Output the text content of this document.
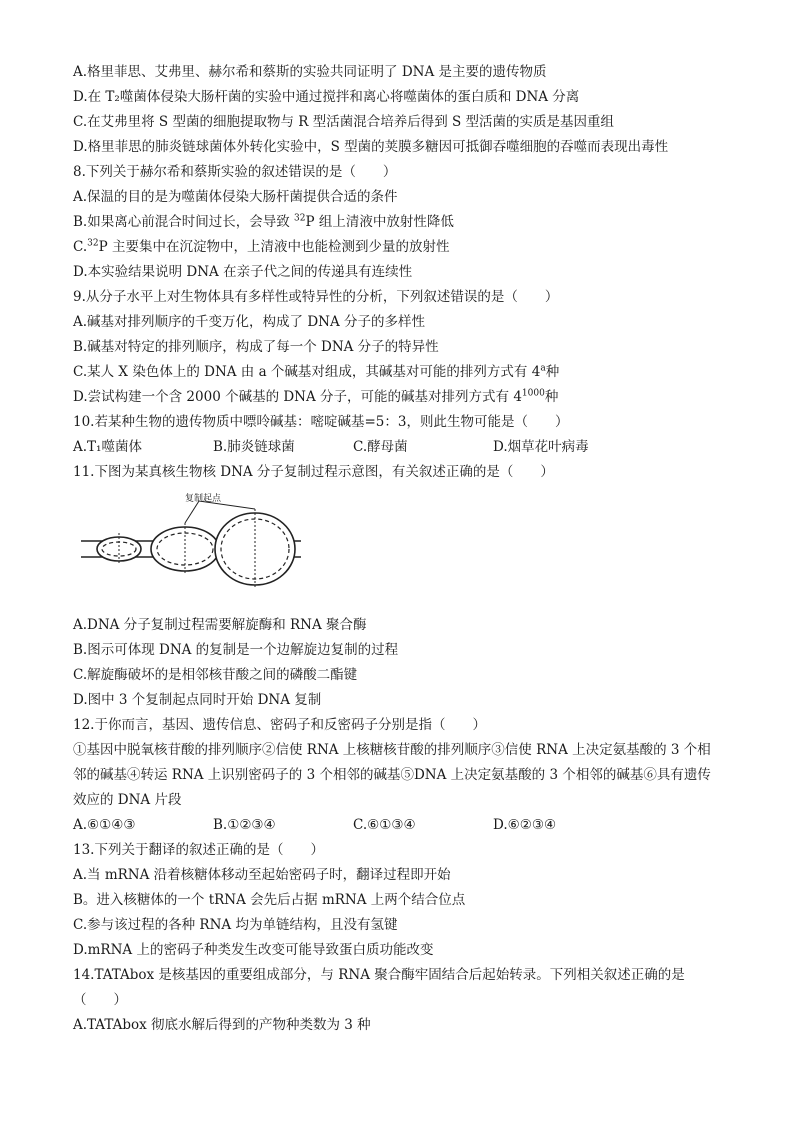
A.格里菲思、艾弗里、赫尔希和蔡斯的实验共同证明了 DNA 是主要的遗传物质
D.在 T₂噬菌体侵染大肠杆菌的实验中通过搅拌和离心将噬菌体的蛋白质和 DNA 分离
C.在艾弗里将 S 型菌的细胞提取物与 R 型活菌混合培养后得到 S 型活菌的实质是基因重组
D.格里菲思的肺炎链球菌体外转化实验中，S 型菌的荚膜多糖因可抵御吞噬细胞的吞噬而表现出毒性
8.下列关于赫尔希和蔡斯实验的叙述错误的是（　　）
A.保温的目的是为噬菌体侵染大肠杆菌提供合适的条件
B.如果离心前混合时间过长，会导致 $^{32}$P 组上清液中放射性降低
C.$^{32}$P 主要集中在沉淀物中，上清液中也能检测到少量的放射性
D.本实验结果说明 DNA 在亲子代之间的传递具有连续性
9.从分子水平上对生物体具有多样性或特异性的分析，下列叙述错误的是（　　）
A.碱基对排列顺序的千变万化，构成了 DNA 分子的多样性
B.碱基对特定的排列顺序，构成了每一个 DNA 分子的特异性
C.某人 X 染色体上的 DNA 由 a 个碱基对组成，其碱基对可能的排列方式有 4$^a$种
D.尝试构建一个含 2000 个碱基的 DNA 分子，可能的碱基对排列方式有 $4^{1000}$种
10.若某种生物的遗传物质中嘌呤碱基：嘧啶碱基=5：3，则此生物可能是（　　）
A.T₁噬菌体	B.肺炎链球菌	C.酵母菌	D.烟草花叶病毒
11.下图为某真核生物核 DNA 分子复制过程示意图，有关叙述正确的是（　　）
复制起点
A.DNA 分子复制过程需要解旋酶和 RNA 聚合酶
B.图示可体现 DNA 的复制是一个边解旋边复制的过程
C.解旋酶破坏的是相邻核苷酸之间的磷酸二酯键
D.图中 3 个复制起点同时开始 DNA 复制
12.于你而言，基因、遗传信息、密码子和反密码子分别是指（　　）
①基因中脱氧核苷酸的排列顺序②信使 RNA 上核糖核苷酸的排列顺序③信使 RNA 上决定氨基酸的 3 个相
邻的碱基④转运 RNA 上识别密码子的 3 个相邻的碱基⑤DNA 上决定氨基酸的 3 个相邻的碱基⑥具有遗传
效应的 DNA 片段
A.⑥①④③	B.①②③④	C.⑥①③④	D.⑥②③④
13.下列关于翻译的叙述正确的是（　　）
A.当 mRNA 沿着核糖体移动至起始密码子时，翻译过程即开始
B。进入核糖体的一个 tRNA 会先后占据 mRNA 上两个结合位点
C.参与该过程的各种 RNA 均为单链结构，且没有氢键
D.mRNA 上的密码子种类发生改变可能导致蛋白质功能改变
14.TATAbox 是核基因的重要组成部分，与 RNA 聚合酶牢固结合后起始转录。下列相关叙述正确的是
（　　）
A.TATAbox 彻底水解后得到的产物种类数为 3 种
